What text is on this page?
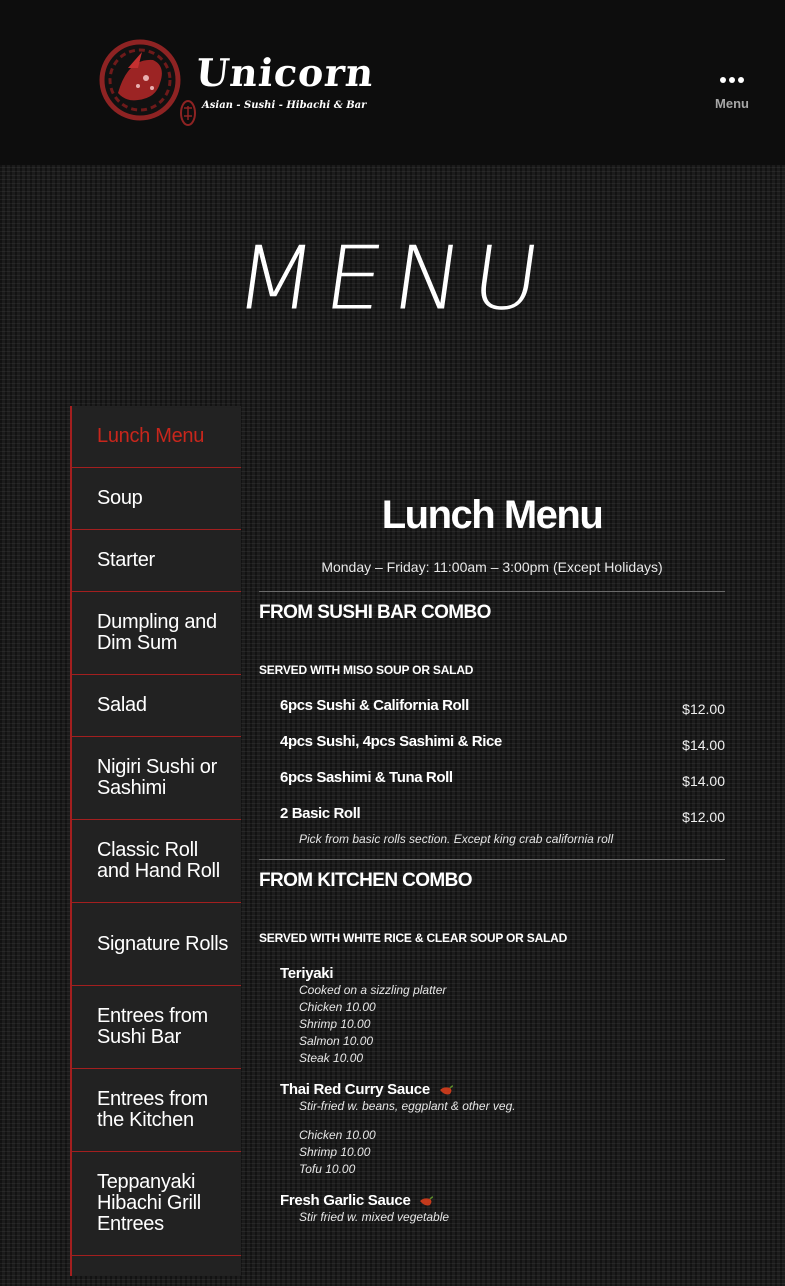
Unicorn
Asian - Sushi - Hibachi & Bar	Menu
MENU
Lunch Menu
Soup
Starter
Dumpling and Dim Sum
Salad
Nigiri Sushi or Sashimi
Classic Roll and Hand Roll
Signature Rolls
Entrees from Sushi Bar
Entrees from the Kitchen
Teppanyaki Hibachi Grill Entrees
Lunch Menu
Monday – Friday: 11:00am – 3:00pm (Except Holidays)
FROM SUSHI BAR COMBO
SERVED WITH MISO SOUP OR SALAD
6pcs Sushi & California Roll	$12.00
4pcs Sushi, 4pcs Sashimi & Rice	$14.00
6pcs Sashimi & Tuna Roll	$14.00
2 Basic Roll	$12.00
Pick from basic rolls section. Except king crab california roll
FROM KITCHEN COMBO
SERVED WITH WHITE RICE & CLEAR SOUP OR SALAD
Teriyaki
Cooked on a sizzling platter
Chicken 10.00
Shrimp 10.00
Salmon 10.00
Steak 10.00
Thai Red Curry Sauce
Stir-fried w. beans, eggplant & other veg.
Chicken 10.00
Shrimp 10.00
Tofu 10.00
Fresh Garlic Sauce
Stir fried w. mixed vegetable
